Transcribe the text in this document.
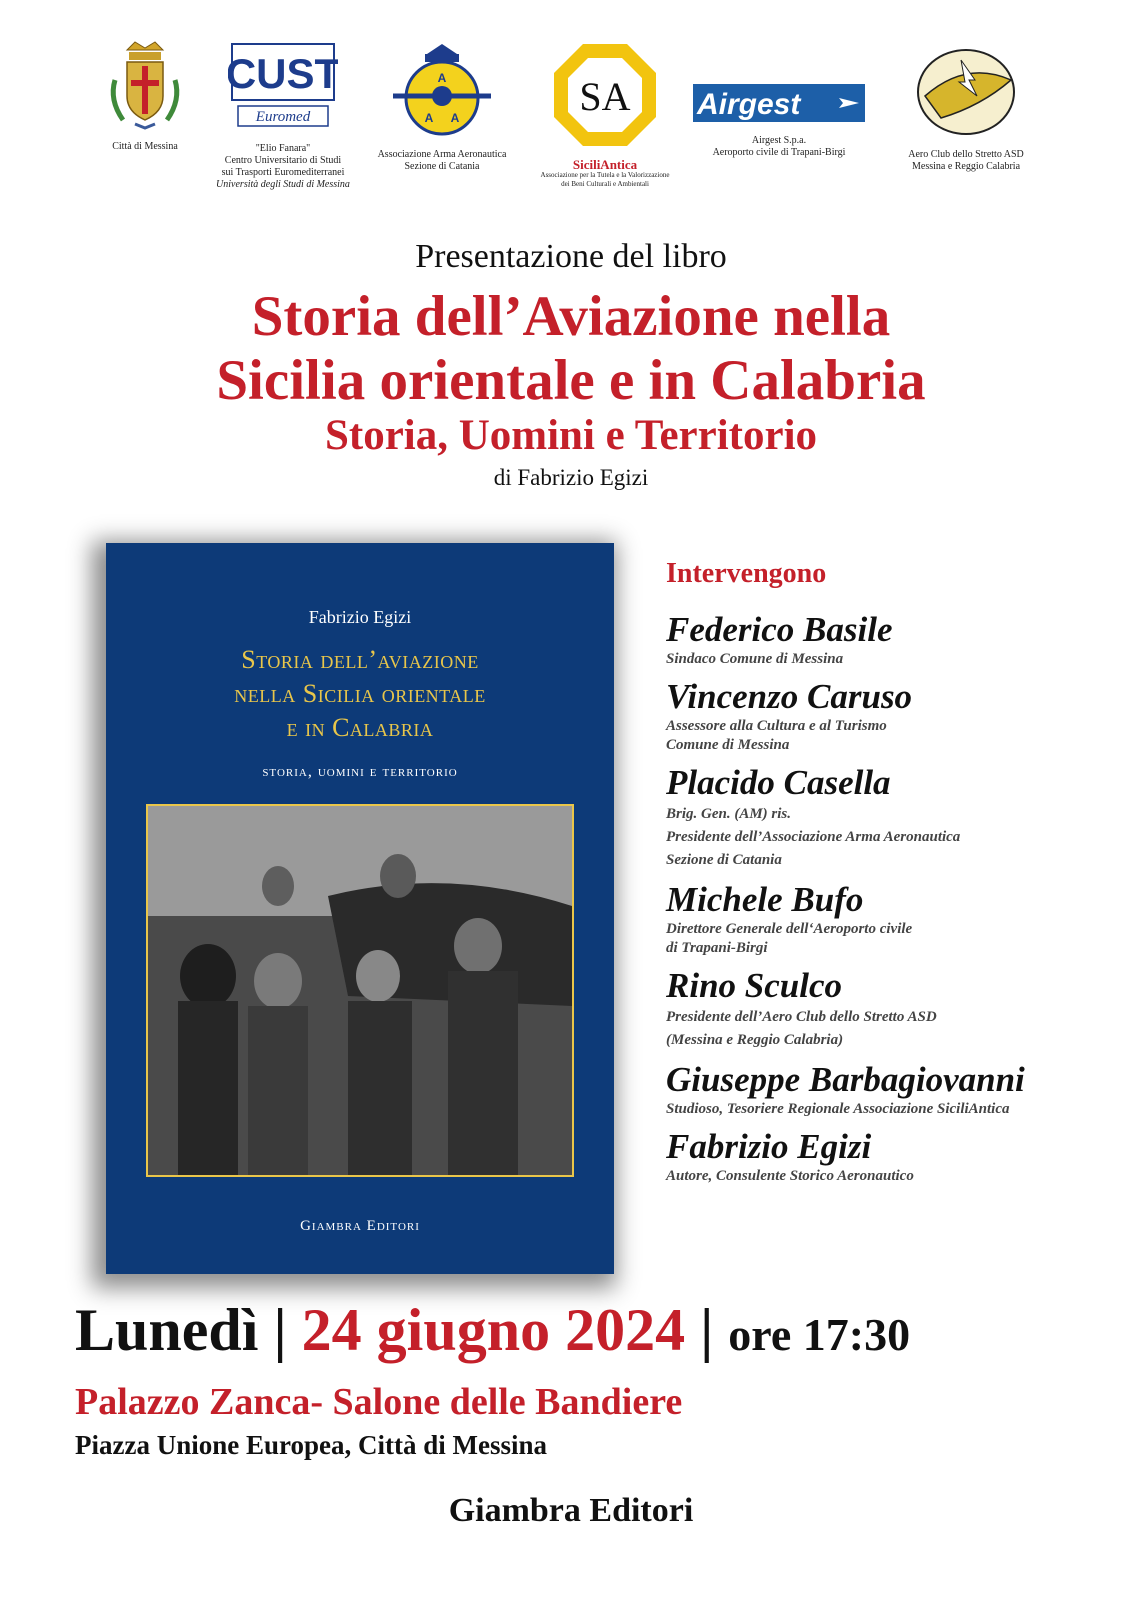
Città di Messina
CUST
Euromed
"Elio Fanara"
Centro Universitario di Studi
sui Trasporti Euromediterranei
Università degli Studi di Messina
A
A A
Associazione Arma Aeronautica
Sezione di Catania
SA
SiciliAntica
Associazione per la Tutela e la Valorizzazione
dei Beni Culturali e Ambientali
Airgest
Airgest S.p.a.
Aeroporto civile di Trapani-Birgi	Aero Club dello Stretto ASD
Messina e Reggio Calabria
Presentazione del libro
Storia dell’Aviazione nella
Sicilia orientale e in Calabria
Storia, Uomini e Territorio
di Fabrizio Egizi
Fabrizio Egizi
Storia dell’aviazione
nella Sicilia orientale
e in Calabria
storia, uomini e territorio
Giambra Editori
Intervengono
Federico Basile
Sindaco Comune di Messina
Vincenzo Caruso
Assessore alla Cultura e al Turismo
Comune di Messina
Placido Casella
Brig. Gen. (AM) ris.
Presidente dell’Associazione Arma Aeronautica
Sezione di Catania
Michele Bufo
Direttore Generale dell‘Aeroporto civile
di Trapani-Birgi
Rino Sculco
Presidente dell’Aero Club dello Stretto ASD
(Messina e Reggio Calabria)
Giuseppe Barbagiovanni
Studioso, Tesoriere Regionale Associazione SiciliAntica
Fabrizio Egizi
Autore, Consulente Storico Aeronautico
Lunedì | 24 giugno 2024 | ore 17:30
Palazzo Zanca- Salone delle Bandiere
Piazza Unione Europea, Città di Messina
Giambra Editori
